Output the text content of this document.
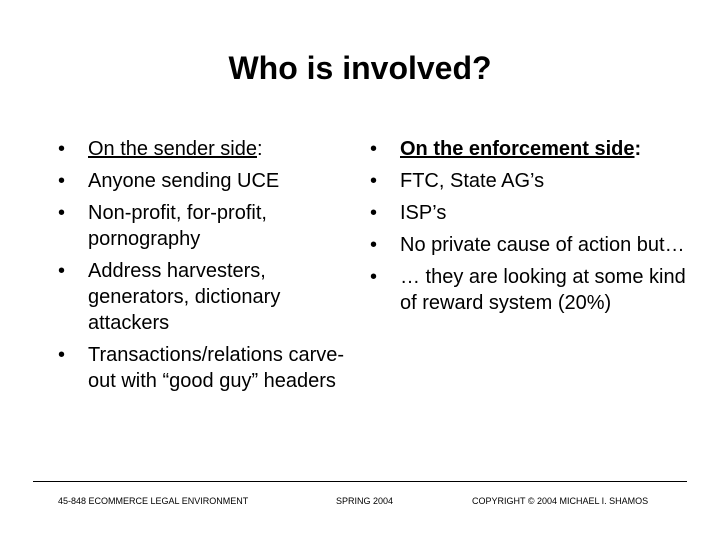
Who is involved?
• On the sender side:
• Anyone sending UCE
• Non-profit, for-profit, pornography
• Address harvesters, generators, dictionary attackers
• Transactions/relations carve-out with “good guy” headers
• On the enforcement side:
• FTC, State AG’s
• ISP’s
• No private cause of action but…
• … they are looking at some kind of reward system (20%)
45-848 ECOMMERCE LEGAL ENVIRONMENT	SPRING 2004	COPYRIGHT © 2004 MICHAEL I. SHAMOS
